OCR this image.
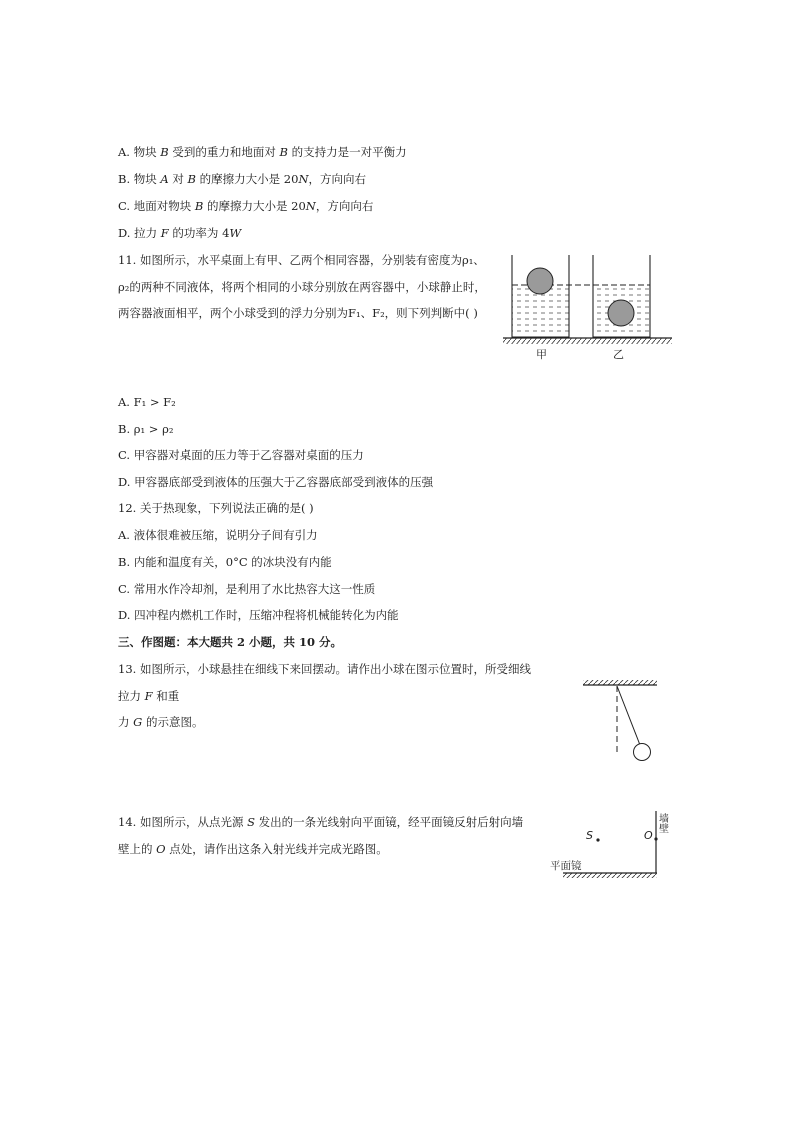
A. 物块 B 受到的重力和地面对 B 的支持力是一对平衡力
B. 物块 A 对 B 的摩擦力大小是 20N，方向向右
C. 地面对物块 B 的摩擦力大小是 20N，方向向右
D. 拉力 F 的功率为 4W
11. 如图所示，水平桌面上有甲、乙两个相同容器，分别装有密度为ρ₁、
ρ₂的两种不同液体，将两个相同的小球分别放在两容器中，小球静止时，
两容器液面相平，两个小球受到的浮力分别为F₁、F₂，则下列判断中( )
甲	乙
A. F₁ > F₂
B. ρ₁ > ρ₂
C. 甲容器对桌面的压力等于乙容器对桌面的压力
D. 甲容器底部受到液体的压强大于乙容器底部受到液体的压强
12. 关于热现象，下列说法正确的是( )
A. 液体很难被压缩，说明分子间有引力
B. 内能和温度有关，0°C 的冰块没有内能
C. 常用水作冷却剂，是利用了水比热容大这一性质
D. 四冲程内燃机工作时，压缩冲程将机械能转化为内能
三、作图题：本大题共 2 小题，共 10 分。
13. 如图所示，小球悬挂在细线下来回摆动。请作出小球在图示位置时，所受细线
拉力 F 和重
力 G 的示意图。
14. 如图所示，从点光源 S 发出的一条光线射向平面镜，经平面镜反射后射向墙
壁上的 O 点处，请作出这条入射光线并完成光路图。
S	O
墙壁
平面镜
